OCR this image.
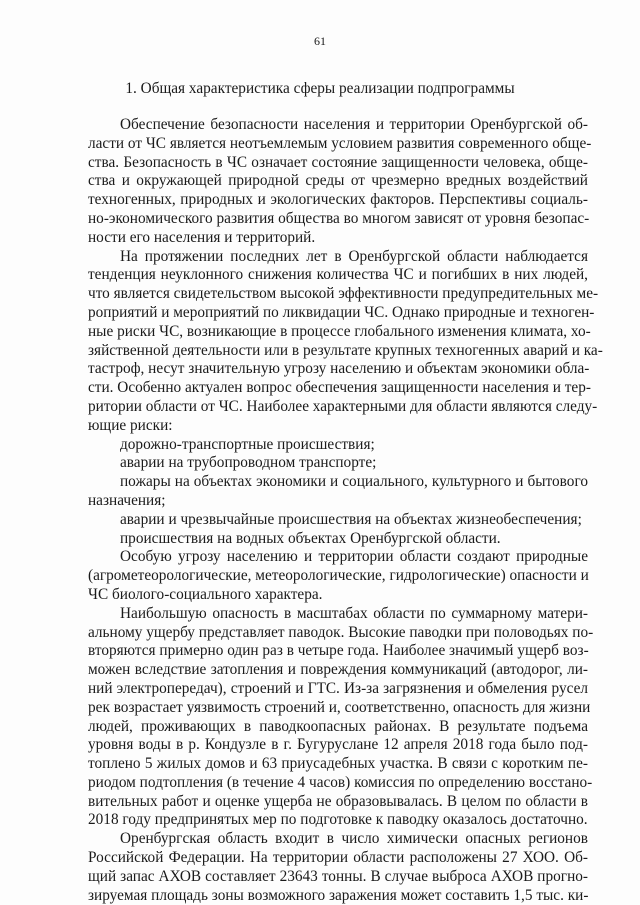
61
1. Общая характеристика сферы реализации подпрограммы
Обеспечение безопасности населения и территории Оренбургской об-
ласти от ЧС является неотъемлемым условием развития современного обще-
ства. Безопасность в ЧС означает состояние защищенности человека, обще-
ства и окружающей природной среды от чрезмерно вредных воздействий
техногенных, природных и экологических факторов. Перспективы социаль-
но-экономического развития общества во многом зависят от уровня безопас-
ности его населения и территорий.
На протяжении последних лет в Оренбургской области наблюдается
тенденция неуклонного снижения количества ЧС и погибших в них людей,
что является свидетельством высокой эффективности предупредительных ме-
роприятий и мероприятий по ликвидации ЧС. Однако природные и техноген-
ные риски ЧС, возникающие в процессе глобального изменения климата, хо-
зяйственной деятельности или в результате крупных техногенных аварий и ка-
тастроф, несут значительную угрозу населению и объектам экономики обла-
сти. Особенно актуален вопрос обеспечения защищенности населения и тер-
ритории области от ЧС. Наиболее характерными для области являются следу-
ющие риски:
дорожно-транспортные происшествия;
аварии на трубопроводном транспорте;
пожары на объектах экономики и социального, культурного и бытового
назначения;
аварии и чрезвычайные происшествия на объектах жизнеобеспечения;
происшествия на водных объектах Оренбургской области.
Особую угрозу населению и территории области создают природные
(агрометеорологические, метеорологические, гидрологические) опасности и
ЧС биолого-социального характера.
Наибольшую опасность в масштабах области по суммарному матери-
альному ущербу представляет паводок. Высокие паводки при половодьях по-
вторяются примерно один раз в четыре года. Наиболее значимый ущерб воз-
можен вследствие затопления и повреждения коммуникаций (автодорог, ли-
ний электропередач), строений и ГТС. Из-за загрязнения и обмеления русел
рек возрастает уязвимость строений и, соответственно, опасность для жизни
людей, проживающих в паводкоопасных районах. В результате подъема
уровня воды в р. Кондузле в г. Бугуруслане 12 апреля 2018 года было под-
топлено 5 жилых домов и 63 приусадебных участка. В связи с коротким пе-
риодом подтопления (в течение 4 часов) комиссия по определению восстано-
вительных работ и оценке ущерба не образовывалась. В целом по области в
2018 году предпринятых мер по подготовке к паводку оказалось достаточно.
Оренбургская область входит в число химически опасных регионов
Российской Федерации. На территории области расположены 27 ХОО. Об-
щий запас АХОВ составляет 23643 тонны. В случае выброса АХОВ прогно-
зируемая площадь зоны возможного заражения может составить 1,5 тыс. ки-
